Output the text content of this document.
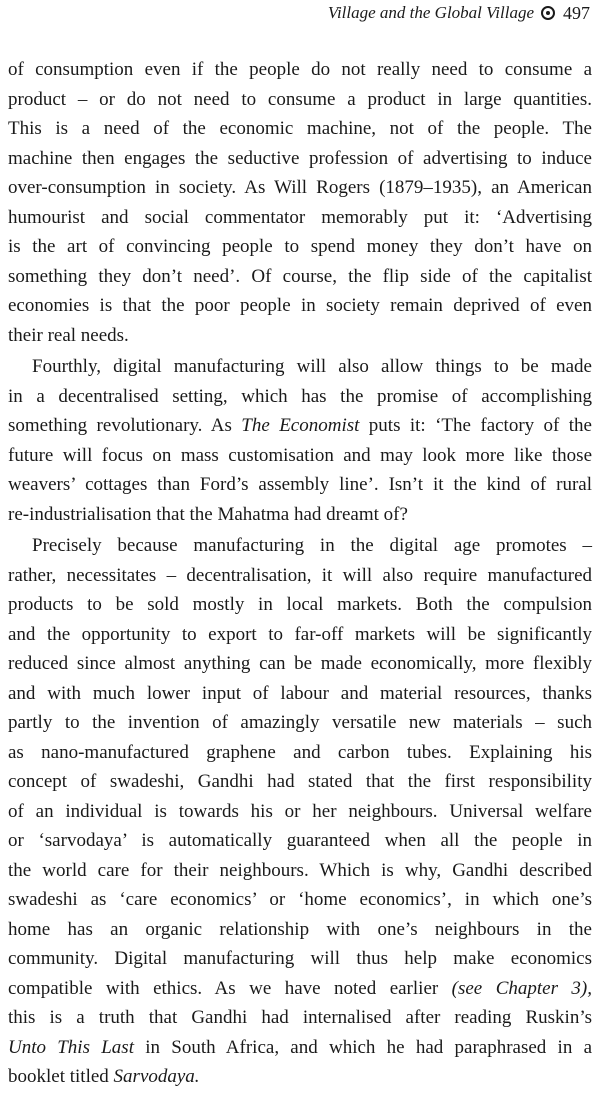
Village and the Global Village 497
of consumption even if the people do not really need to consume a
product – or do not need to consume a product in large quantities.
This is a need of the economic machine, not of the people. The
machine then engages the seductive profession of advertising to induce
over-consumption in society. As Will Rogers (1879–1935), an American
humourist and social commentator memorably put it: ‘Advertising
is the art of convincing people to spend money they don’t have on
something they don’t need’. Of course, the flip side of the capitalist
economies is that the poor people in society remain deprived of even
their real needs.
Fourthly, digital manufacturing will also allow things to be made
in a decentralised setting, which has the promise of accomplishing
something revolutionary. As The Economist puts it: ‘The factory of the
future will focus on mass customisation and may look more like those
weavers’ cottages than Ford’s assembly line’. Isn’t it the kind of rural
re-industrialisation that the Mahatma had dreamt of?
Precisely because manufacturing in the digital age promotes –
rather, necessitates – decentralisation, it will also require manufactured
products to be sold mostly in local markets. Both the compulsion
and the opportunity to export to far-off markets will be significantly
reduced since almost anything can be made economically, more flexibly
and with much lower input of labour and material resources, thanks
partly to the invention of amazingly versatile new materials – such
as nano-manufactured graphene and carbon tubes. Explaining his
concept of swadeshi, Gandhi had stated that the first responsibility
of an individual is towards his or her neighbours. Universal welfare
or ‘sarvodaya’ is automatically guaranteed when all the people in
the world care for their neighbours. Which is why, Gandhi described
swadeshi as ‘care economics’ or ‘home economics’, in which one’s
home has an organic relationship with one’s neighbours in the
community. Digital manufacturing will thus help make economics
compatible with ethics. As we have noted earlier (see Chapter 3),
this is a truth that Gandhi had internalised after reading Ruskin’s
Unto This Last in South Africa, and which he had paraphrased in a
booklet titled Sarvodaya.
